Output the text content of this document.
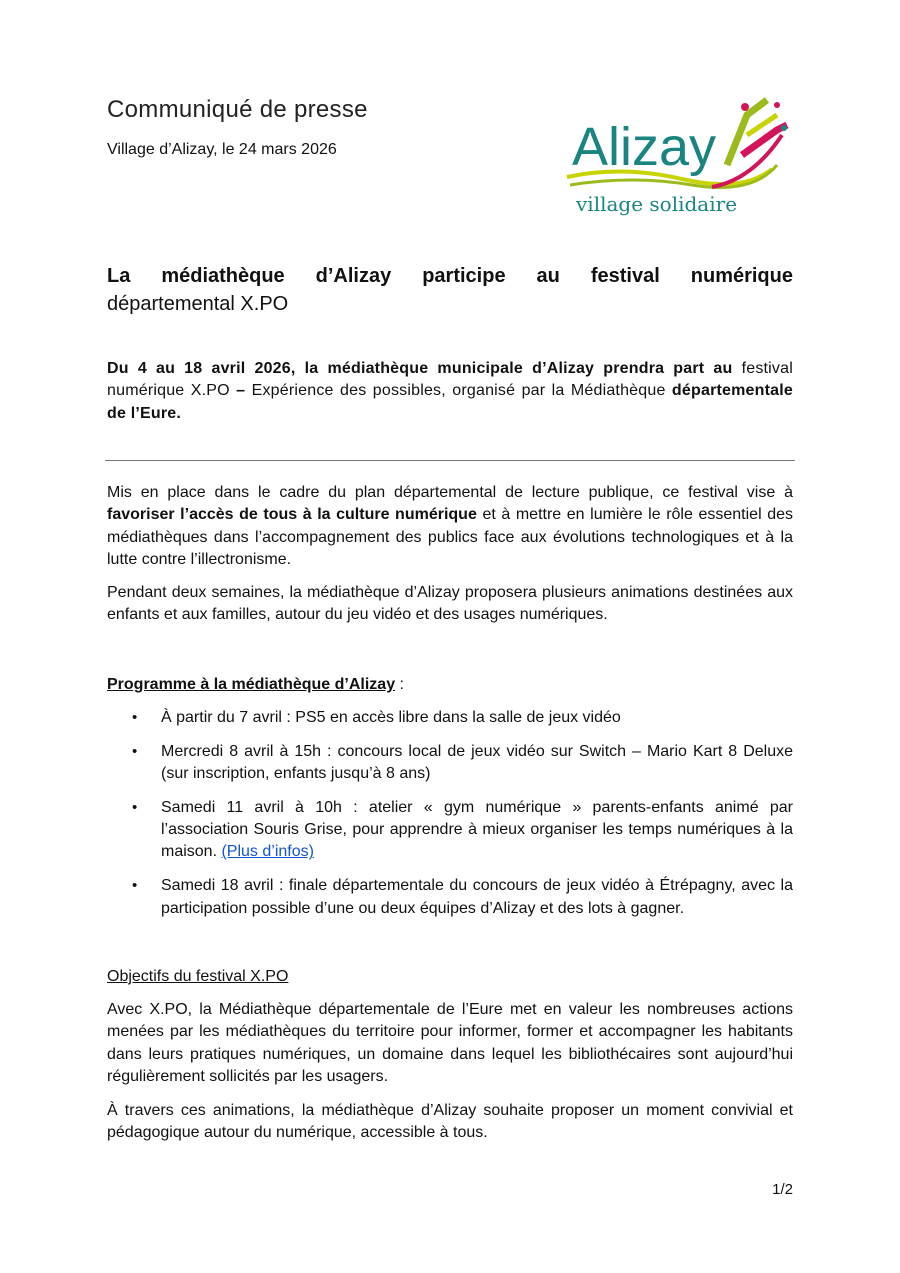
Communiqué de presse
Village d’Alizay, le 24 mars 2026	Alizay
village solidaire
La médiathèque d’Alizay participe au festival numérique
départemental X.PO
Du 4 au 18 avril 2026, la médiathèque municipale d’Alizay prendra part au festival numérique X.PO – Expérience des possibles, organisé par la Médiathèque départementale de l’Eure.
Mis en place dans le cadre du plan départemental de lecture publique, ce festival vise à favoriser l’accès de tous à la culture numérique et à mettre en lumière le rôle essentiel des médiathèques dans l’accompagnement des publics face aux évolutions technologiques et à la lutte contre l’illectronisme.
Pendant deux semaines, la médiathèque d’Alizay proposera plusieurs animations destinées aux enfants et aux familles, autour du jeu vidéo et des usages numériques.
Programme à la médiathèque d’Alizay :
• À partir du 7 avril : PS5 en accès libre dans la salle de jeux vidéo
• Mercredi 8 avril à 15h : concours local de jeux vidéo sur Switch – Mario Kart 8 Deluxe (sur inscription, enfants jusqu’à 8 ans)
• Samedi 11 avril à 10h : atelier « gym numérique » parents-enfants animé par l’association Souris Grise, pour apprendre à mieux organiser les temps numériques à la maison. (Plus d’infos)
• Samedi 18 avril : finale départementale du concours de jeux vidéo à Étrépagny, avec la participation possible d’une ou deux équipes d’Alizay et des lots à gagner.
Objectifs du festival X.PO
Avec X.PO, la Médiathèque départementale de l’Eure met en valeur les nombreuses actions menées par les médiathèques du territoire pour informer, former et accompagner les habitants dans leurs pratiques numériques, un domaine dans lequel les bibliothécaires sont aujourd’hui régulièrement sollicités par les usagers.
À travers ces animations, la médiathèque d’Alizay souhaite proposer un moment convivial et pédagogique autour du numérique, accessible à tous.
1/2
